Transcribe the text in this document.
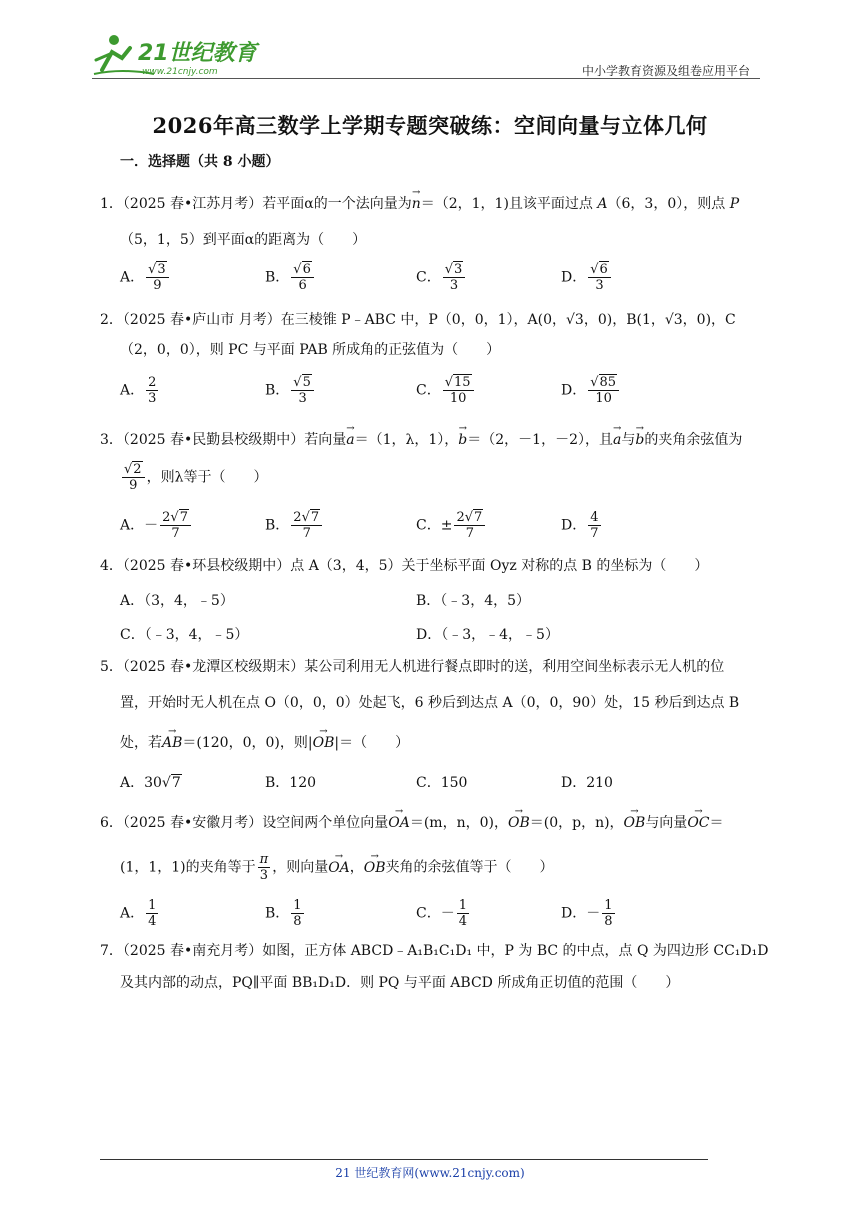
21世纪教育
www.21cnjy.com	中小学教育资源及组卷应用平台
2026年高三数学上学期专题突破练：空间向量与立体几何
一．选择题（共 8 小题）
1．（2025 春•江苏月考）若平面α的一个法向量为→ n＝（2，1，1)且该平面过点 A（6，3，0），则点 P
（5，1，5）到平面α的距离为（　　）
A． $\frac{√3}{9}$	B． $\frac{√6}{6}$	C． $\frac{√3}{3}$	D． $\frac{√6}{3}$
2．（2025 春•庐山市 月考）在三棱锥 P﹣ABC 中，P（0，0，1），A(0，√3，0)，B(1，√3，0)，C
（2，0，0），则 PC 与平面 PAB 所成角的正弦值为（　　）
A． $\frac{2}{3}$	B． $\frac{√5}{3}$	C． $\frac{√15}{10}$	D． $\frac{√85}{10}$
3．（2025 春•民勤县校级期中）若向量→ a＝（1，λ，1），→ b＝（2，－1，－2），且→ a与→ b的夹角余弦值为
$\frac{√2}{9}$ ，则λ等于（　　）
A．－ $\frac{2√7}{7}$	B． $\frac{2√7}{7}$	C．± $\frac{2√7}{7}$	D． $\frac{4}{7}$
4．（2025 春•环县校级期中）点 A（3，4，5）关于坐标平面 Oyz 对称的点 B 的坐标为（　　）
A．（3，4，﹣5）	B．（﹣3，4，5）
C．（﹣3，4，﹣5）	D．（﹣3，﹣4，﹣5）
5．（2025 春•龙潭区校级期末）某公司利用无人机进行餐点即时的送，利用空间坐标表示无人机的位
置，开始时无人机在点 O（0，0，0）处起飞，6 秒后到达点 A（0，0，90）处，15 秒后到达点 B
处，若→ AB＝(120，0，0)，则|→ OB|＝（　　）
A．30√7	B．120	C．150	D．210
6．（2025 春•安徽月考）设空间两个单位向量→ OA＝(m，n，0)，→ OB＝(0，p，n)，→ OB与向量→ OC＝
(1，1，1)的夹角等于 $\frac{\pi}{3}$ ，则向量→ OA，→ OB夹角的余弦值等于（　　）
A． $\frac{1}{4}$	B． $\frac{1}{8}$	C．－ $\frac{1}{4}$	D．－ $\frac{1}{8}$
7．（2025 春•南充月考）如图，正方体 ABCD﹣A₁B₁C₁D₁ 中，P 为 BC 的中点，点 Q 为四边形 CC₁D₁D
及其内部的动点，PQ∥平面 BB₁D₁D．则 PQ 与平面 ABCD 所成角正切值的范围（　　）
21 世纪教育网(www.21cnjy.com)
